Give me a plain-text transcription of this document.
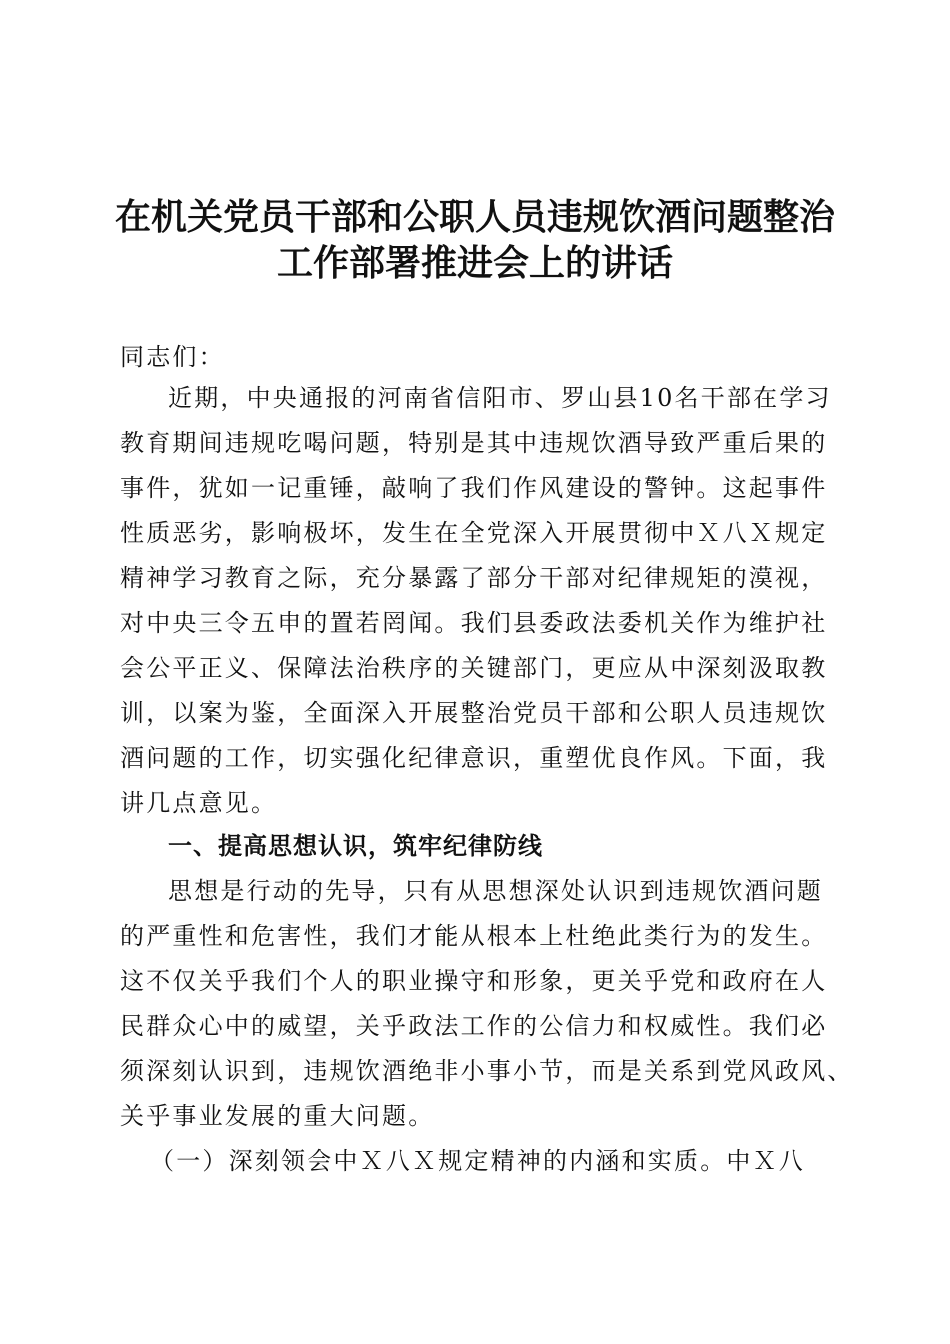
在机关党员干部和公职人员违规饮酒问题整治
工作部署推进会上的讲话
同志们：
近期，中央通报的河南省信阳市、罗山县10名干部在学习
教育期间违规吃喝问题，特别是其中违规饮酒导致严重后果的
事件，犹如一记重锤，敲响了我们作风建设的警钟。这起事件
性质恶劣，影响极坏，发生在全党深入开展贯彻中Ｘ八Ｘ规定
精神学习教育之际，充分暴露了部分干部对纪律规矩的漠视，
对中央三令五申的置若罔闻。我们县委政法委机关作为维护社
会公平正义、保障法治秩序的关键部门，更应从中深刻汲取教
训，以案为鉴，全面深入开展整治党员干部和公职人员违规饮
酒问题的工作，切实强化纪律意识，重塑优良作风。下面，我
讲几点意见。
一、提高思想认识，筑牢纪律防线
思想是行动的先导，只有从思想深处认识到违规饮酒问题
的严重性和危害性，我们才能从根本上杜绝此类行为的发生。
这不仅关乎我们个人的职业操守和形象，更关乎党和政府在人
民群众心中的威望，关乎政法工作的公信力和权威性。我们必
须深刻认识到，违规饮酒绝非小事小节，而是关系到党风政风、
关乎事业发展的重大问题。
（一）深刻领会中Ｘ八Ｘ规定精神的内涵和实质。中Ｘ八
